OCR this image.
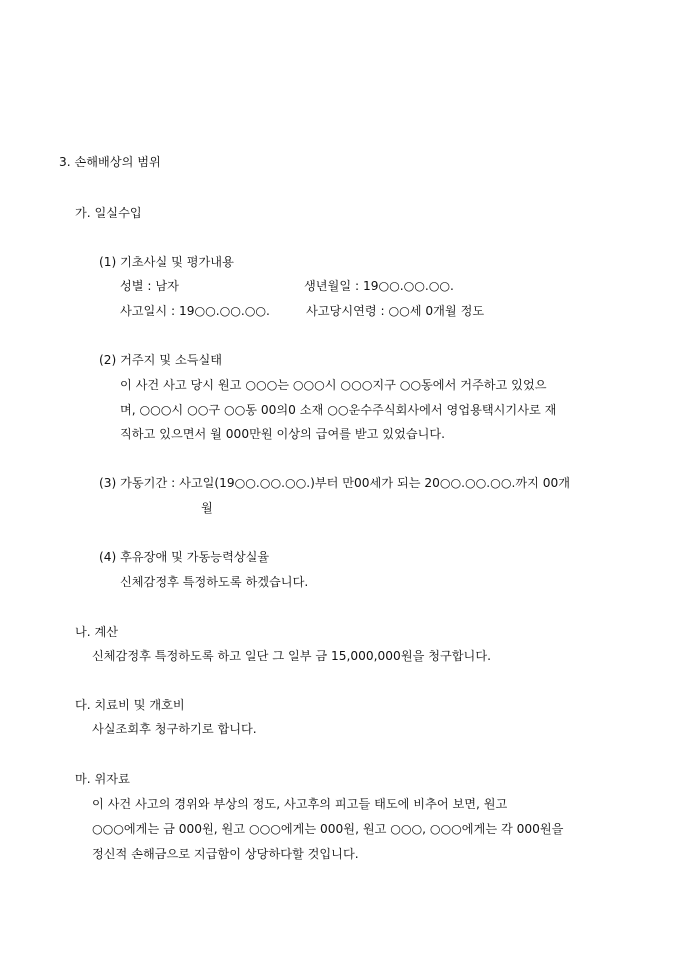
3. 손해배상의 범위
가. 일실수입
(1) 기초사실 및 평가내용
성별 : 남자	생년월일 : 19○○.○○.○○.
사고일시 : 19○○.○○.○○.	사고당시연령 : ○○세 0개월 정도
(2) 거주지 및 소득실태
이 사건 사고 당시 원고 ○○○는 ○○○시 ○○○지구 ○○동에서 거주하고 있었으
며, ○○○시 ○○구 ○○동 00의0 소재 ○○운수주식회사에서 영업용택시기사로 재
직하고 있으면서 월 000만원 이상의 급여를 받고 있었습니다.
(3) 가동기간 : 사고일(19○○.○○.○○.)부터 만00세가 되는 20○○.○○.○○.까지 00개
월
(4) 후유장애 및 가동능력상실율
신체감정후 특정하도록 하겠습니다.
나. 계산
신체감정후 특정하도록 하고 일단 그 일부 금 15,000,000원을 청구합니다.
다. 치료비 및 개호비
사실조회후 청구하기로 합니다.
마. 위자료
이 사건 사고의 경위와 부상의 정도, 사고후의 피고들 태도에 비추어 보면, 원고
○○○에게는 금 000원, 원고 ○○○에게는 000원, 원고 ○○○, ○○○에게는 각 000원을
정신적 손해금으로 지급함이 상당하다할 것입니다.
